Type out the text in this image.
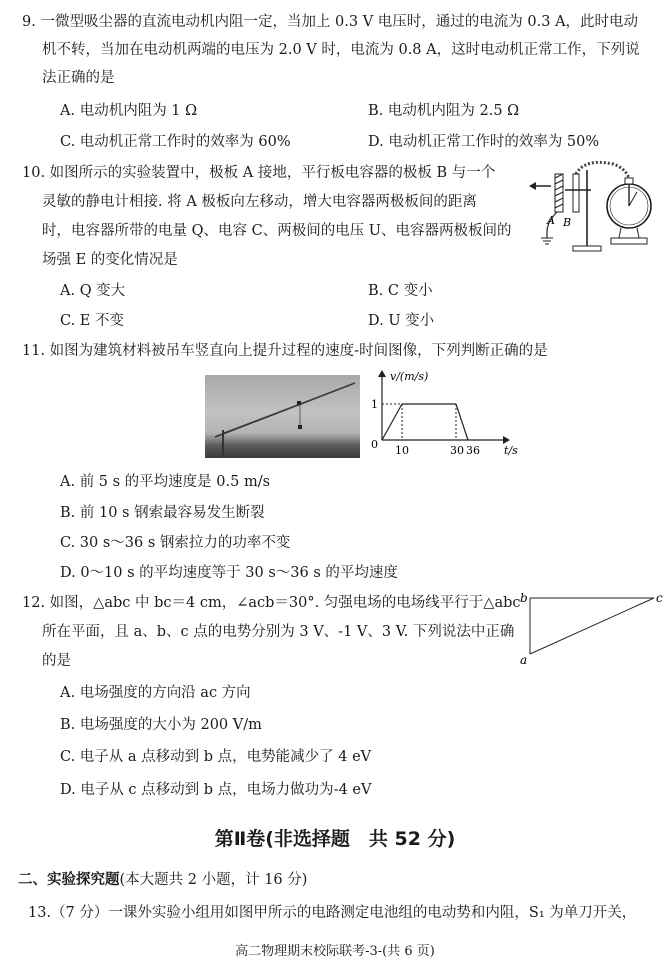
9. 一微型吸尘器的直流电动机内阻一定，当加上 0.3 V 电压时，通过的电流为 0.3 A，此时电动
机不转，当加在电动机两端的电压为 2.0 V 时，电流为 0.8 A，这时电动机正常工作，下列说
法正确的是
A. 电动机内阻为 1 Ω	B. 电动机内阻为 2.5 Ω
C. 电动机正常工作时的效率为 60%	D. 电动机正常工作时的效率为 50%
10. 如图所示的实验装置中，极板 A 接地，平行板电容器的极板 B 与一个
灵敏的静电计相接. 将 A 极板向左移动，增大电容器两极板间的距离
时，电容器所带的电量 Q、电容 C、两极间的电压 U、电容器两极板间的
场强 E 的变化情况是
A. Q 变大	B. C 变小
C. E 不变	D. U 变小
A B
11. 如图为建筑材料被吊车竖直向上提升过程的速度-时间图像，下列判断正确的是
v/(m/s)
1
0 10	30 36 t/s
A. 前 5 s 的平均速度是 0.5 m/s
B. 前 10 s 钢索最容易发生断裂
C. 30 s～36 s 钢索拉力的功率不变
D. 0～10 s 的平均速度等于 30 s～36 s 的平均速度
12. 如图，△abc 中 bc＝4 cm，∠acb＝30°. 匀强电场的电场线平行于△abc
所在平面，且 a、b、c 点的电势分别为 3 V、-1 V、3 V. 下列说法中正确
的是
b	c
a
A. 电场强度的方向沿 ac 方向
B. 电场强度的大小为 200 V/m
C. 电子从 a 点移动到 b 点，电势能减少了 4 eV
D. 电子从 c 点移动到 b 点，电场力做功为-4 eV
第Ⅱ卷(非选择题　共 52 分)
二、实验探究题(本大题共 2 小题，计 16 分)
13.（7 分）一课外实验小组用如图甲所示的电路测定电池组的电动势和内阻，S₁ 为单刀开关，
高二物理期末校际联考-3-(共 6 页)
